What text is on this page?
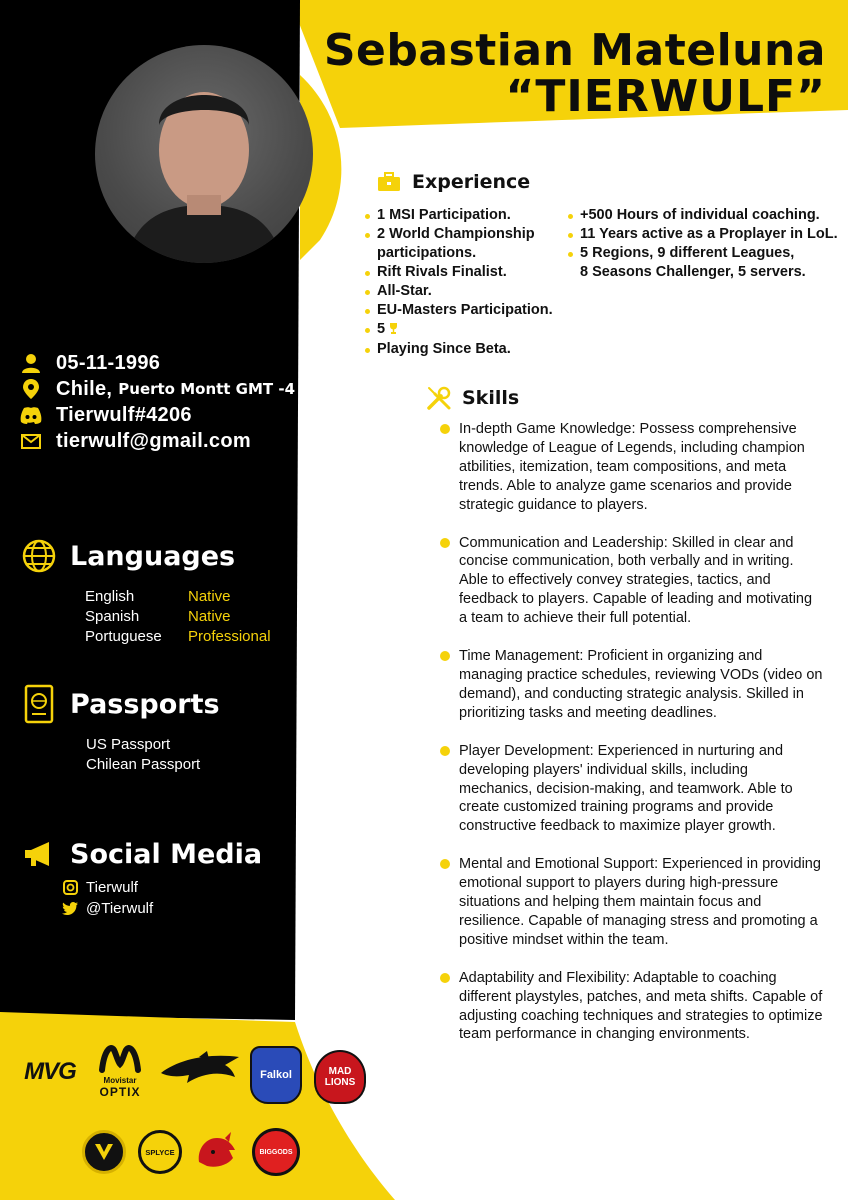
Sebastian Mateluna
“TIERWULF”
05-11-1996
Chile, Puerto Montt GMT -4
Tierwulf#4206
tierwulf@gmail.com
Languages
English	Native
Spanish	Native
Portuguese	Professional
Passports
US Passport
Chilean Passport
Social Media
Tierwulf
@Tierwulf
Experience
1 MSI Participation.
2 World Championship
participations.
Rift Rivals Finalist.
All-Star.
EU-Masters Participation.
5
Playing Since Beta.
+500 Hours of individual coaching.
11 Years active as a Proplayer in LoL.
5 Regions, 9 different Leagues,
8 Seasons Challenger, 5 servers.
Skills
In-depth Game Knowledge: Possess comprehensive knowledge of League of Legends, including champion atbilities, itemization, team compositions, and meta trends. Able to analyze game scenarios and provide strategic guidance to players.
Communication and Leadership: Skilled in clear and concise communication, both verbally and in writing. Able to effectively convey strategies, tactics, and feedback to players. Capable of leading and motivating a team to achieve their full potential.
Time Management: Proficient in organizing and managing practice schedules, reviewing VODs (video on demand), and conducting strategic analysis. Skilled in prioritizing tasks and meeting deadlines.
Player Development: Experienced in nurturing and developing players' individual skills, including mechanics, decision-making, and teamwork. Able to create customized training programs and provide constructive feedback to maximize player growth.
Mental and Emotional Support: Experienced in providing emotional support to players during high-pressure situations and helping them maintain focus and resilience. Capable of managing stress and promoting a positive mindset within the team.
Adaptability and Flexibility: Adaptable to coaching different playstyles, patches, and meta shifts. Capable of adjusting coaching techniques and strategies to optimize team performance in changing environments.
MVG	Movistar
OPTIX
Falkol	MAD
LIONS
SPLYCE	BIGGODS
